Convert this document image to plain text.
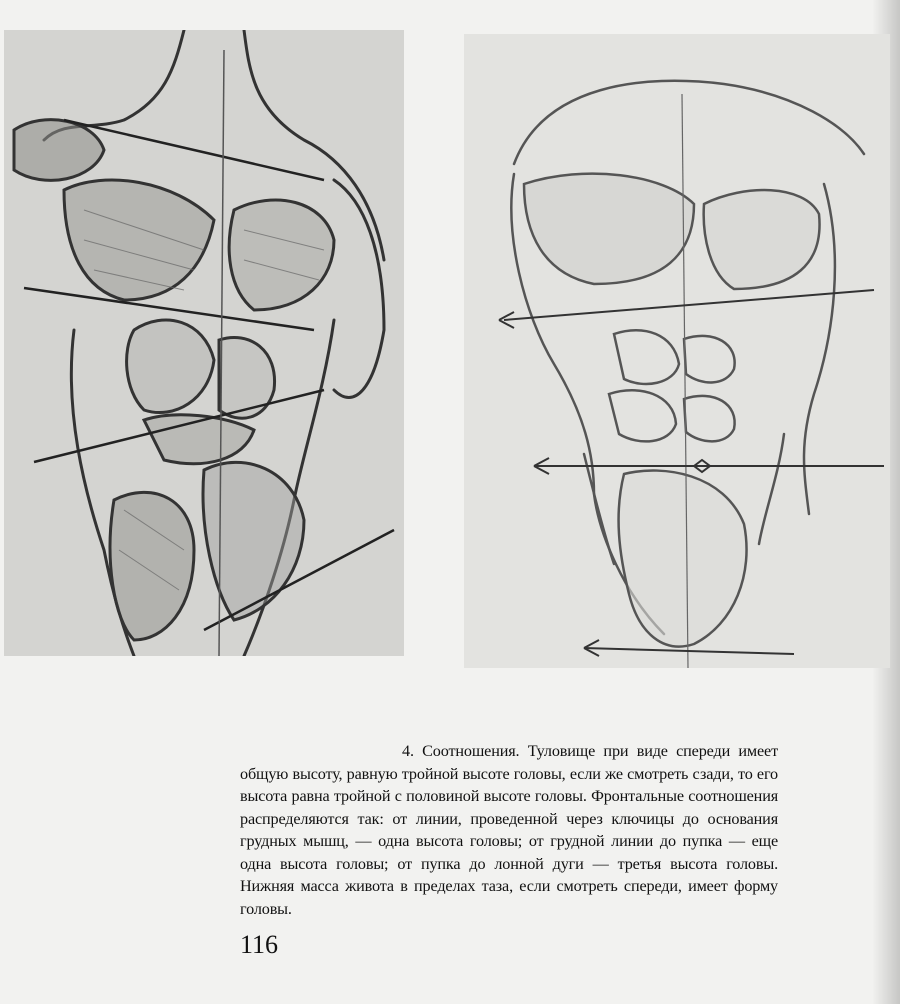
4. Соотношения. Туловище при виде спереди имеет общую высоту, равную тройной высоте головы, если же смотреть сзади, то его высота равна тройной с половиной высоте головы. Фронтальные соотношения распределяются так: от линии, проведенной через ключицы до основания грудных мышц, — одна высота головы; от грудной линии до пупка — еще одна высота головы; от пупка до лонной дуги — третья высота головы. Нижняя масса живота в пределах таза, если смотреть спереди, имеет форму головы.

116
